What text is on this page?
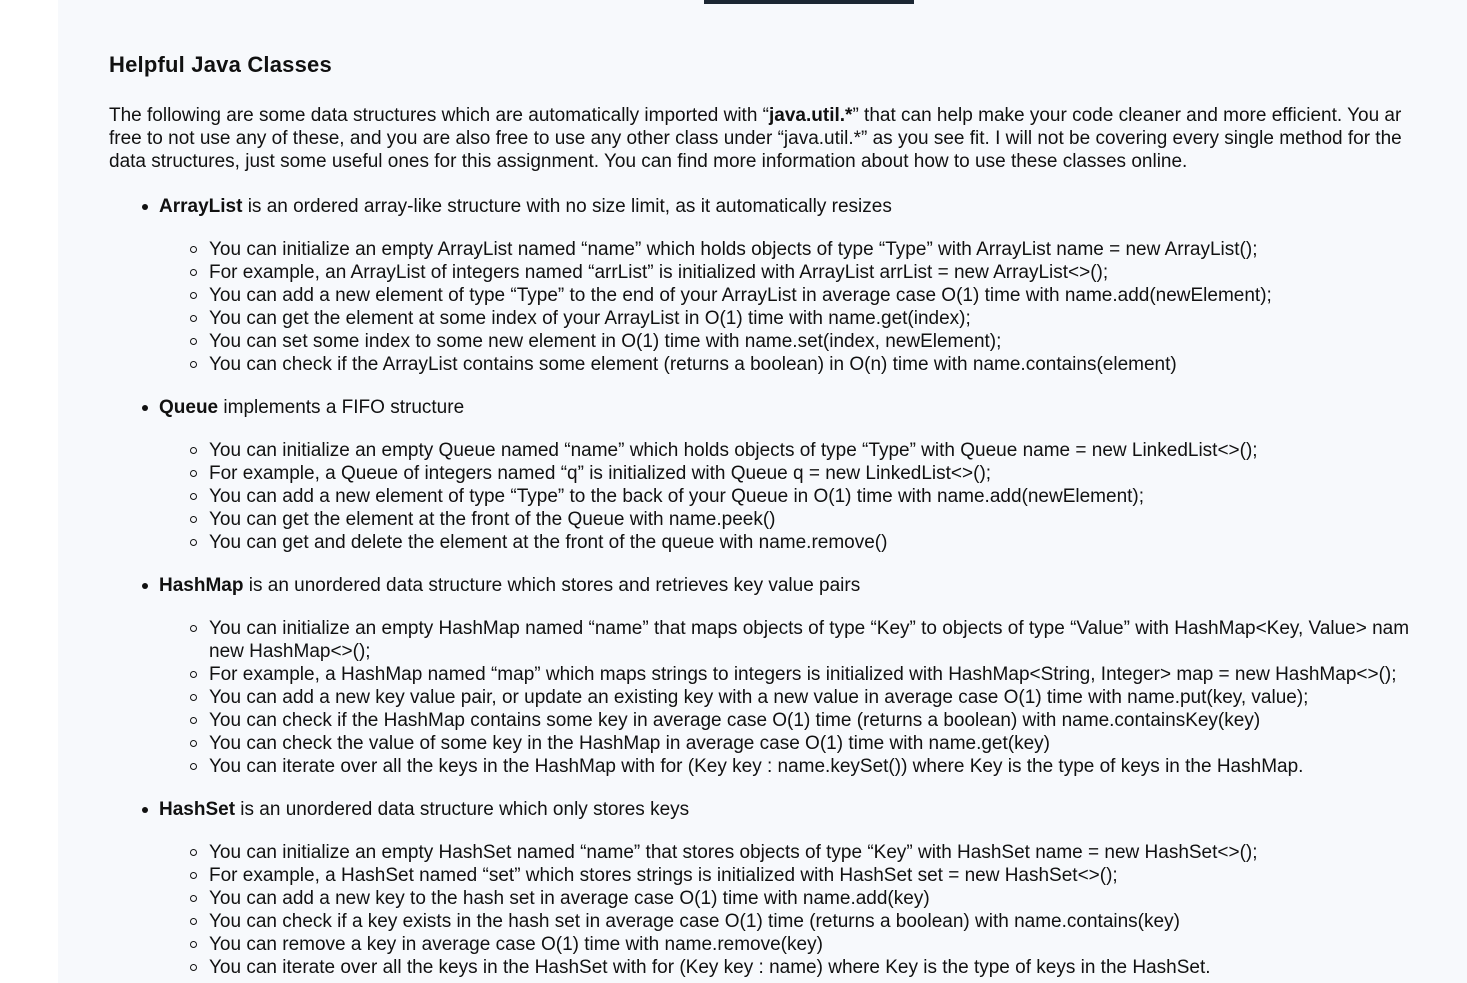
Helpful Java Classes

The following are some data structures which are automatically imported with “java.util.*” that can help make your code cleaner and more efficient. You ar
free to not use any of these, and you are also free to use any other class under “java.util.*” as you see fit. I will not be covering every single method for the
data structures, just some useful ones for this assignment. You can find more information about how to use these classes online.

ArrayList is an ordered array-like structure with no size limit, as it automatically resizes
You can initialize an empty ArrayList named “name” which holds objects of type “Type” with ArrayList name = new ArrayList();
For example, an ArrayList of integers named “arrList” is initialized with ArrayList arrList = new ArrayList<>();
You can add a new element of type “Type” to the end of your ArrayList in average case O(1) time with name.add(newElement);
You can get the element at some index of your ArrayList in O(1) time with name.get(index);
You can set some index to some new element in O(1) time with name.set(index, newElement);
You can check if the ArrayList contains some element (returns a boolean) in O(n) time with name.contains(element)
Queue implements a FIFO structure
You can initialize an empty Queue named “name” which holds objects of type “Type” with Queue name = new LinkedList<>();
For example, a Queue of integers named “q” is initialized with Queue q = new LinkedList<>();
You can add a new element of type “Type” to the back of your Queue in O(1) time with name.add(newElement);
You can get the element at the front of the Queue with name.peek()
You can get and delete the element at the front of the queue with name.remove()
HashMap is an unordered data structure which stores and retrieves key value pairs
You can initialize an empty HashMap named “name” that maps objects of type “Key” to objects of type “Value” with HashMap<Key, Value> nam
new HashMap<>();
For example, a HashMap named “map” which maps strings to integers is initialized with HashMap<String, Integer> map = new HashMap<>();
You can add a new key value pair, or update an existing key with a new value in average case O(1) time with name.put(key, value);
You can check if the HashMap contains some key in average case O(1) time (returns a boolean) with name.containsKey(key)
You can check the value of some key in the HashMap in average case O(1) time with name.get(key)
You can iterate over all the keys in the HashMap with for (Key key : name.keySet()) where Key is the type of keys in the HashMap.
HashSet is an unordered data structure which only stores keys
You can initialize an empty HashSet named “name” that stores objects of type “Key” with HashSet name = new HashSet<>();
For example, a HashSet named “set” which stores strings is initialized with HashSet set = new HashSet<>();
You can add a new key to the hash set in average case O(1) time with name.add(key)
You can check if a key exists in the hash set in average case O(1) time (returns a boolean) with name.contains(key)
You can remove a key in average case O(1) time with name.remove(key)
You can iterate over all the keys in the HashSet with for (Key key : name) where Key is the type of keys in the HashSet.
